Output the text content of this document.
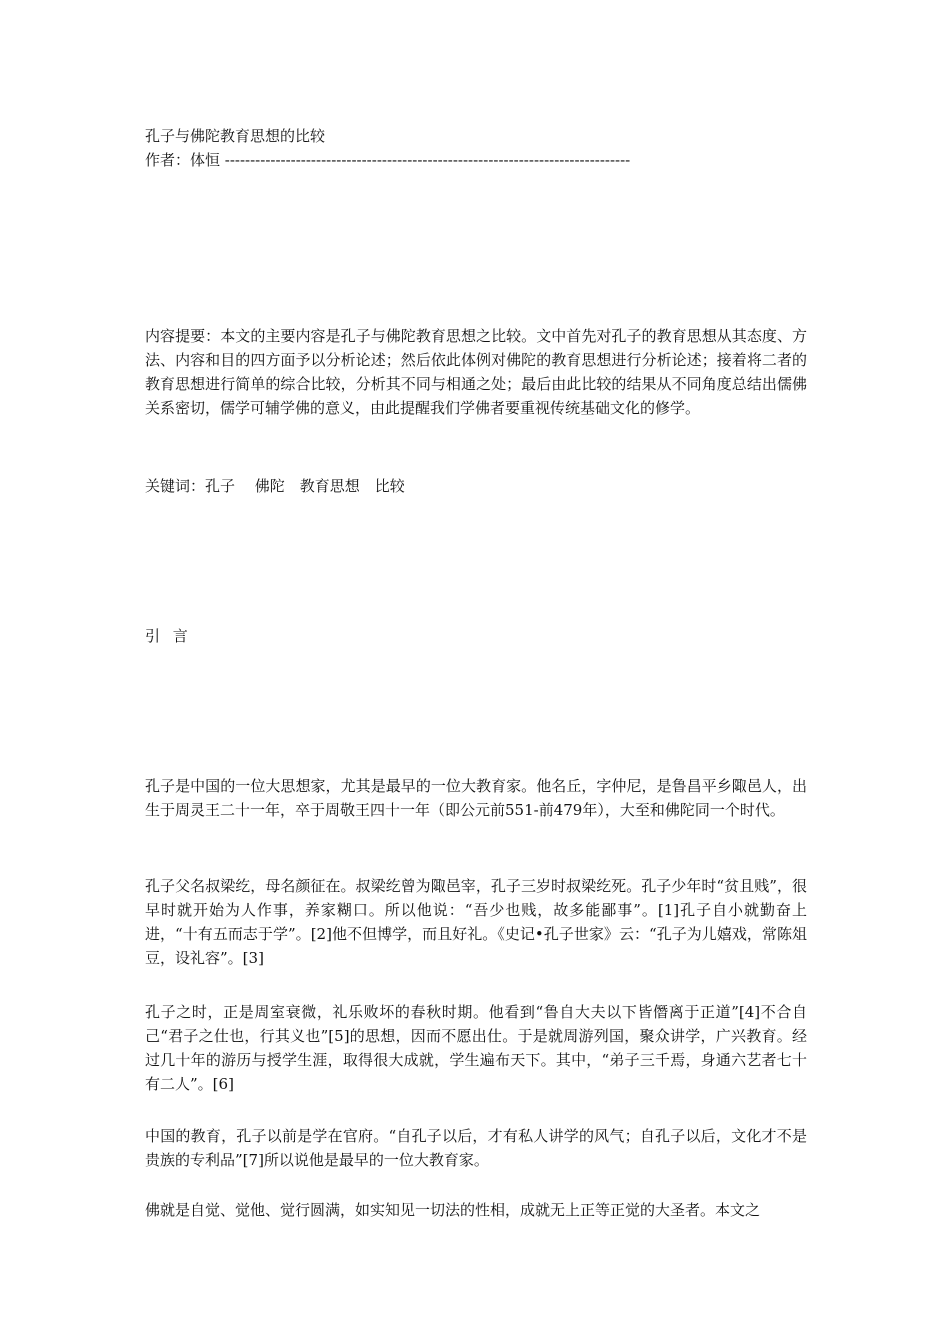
孔子与佛陀教育思想的比较
作者：体恒 --------------------------------------------------------------------------------

内容提要：本文的主要内容是孔子与佛陀教育思想之比较。文中首先对孔子的教育思想从其态度、方法、内容和目的四方面予以分析论述；然后依此体例对佛陀的教育思想进行分析论述；接着将二者的教育思想进行简单的综合比较，分析其不同与相通之处；最后由此比较的结果从不同角度总结出儒佛关系密切，儒学可辅学佛的意义，由此提醒我们学佛者要重视传统基础文化的修学。

关键词：孔子　 佛陀　教育思想　比较

引 言

孔子是中国的一位大思想家，尤其是最早的一位大教育家。他名丘，字仲尼，是鲁昌平乡陬邑人，出生于周灵王二十一年，卒于周敬王四十一年（即公元前551-前479年），大至和佛陀同一个时代。

孔子父名叔梁纥，母名颜征在。叔梁纥曾为陬邑宰，孔子三岁时叔梁纥死。孔子少年时“贫且贱”，很早时就开始为人作事，养家糊口。所以他说：“吾少也贱，故多能鄙事”。[1]孔子自小就勤奋上进，“十有五而志于学”。[2]他不但博学，而且好礼。《史记•孔子世家》云：“孔子为儿嬉戏，常陈俎豆，设礼容”。[3]

孔子之时，正是周室衰微，礼乐败坏的春秋时期。他看到“鲁自大夫以下皆僭离于正道”[4]不合自己“君子之仕也，行其义也”[5]的思想，因而不愿出仕。于是就周游列国，聚众讲学，广兴教育。经过几十年的游历与授学生涯，取得很大成就，学生遍布天下。其中，“弟子三千焉，身通六艺者七十有二人”。[6]

中国的教育，孔子以前是学在官府。“自孔子以后，才有私人讲学的风气；自孔子以后，文化才不是贵族的专利品”[7]所以说他是最早的一位大教育家。

佛就是自觉、觉他、觉行圆满，如实知见一切法的性相，成就无上正等正觉的大圣者。本文之
